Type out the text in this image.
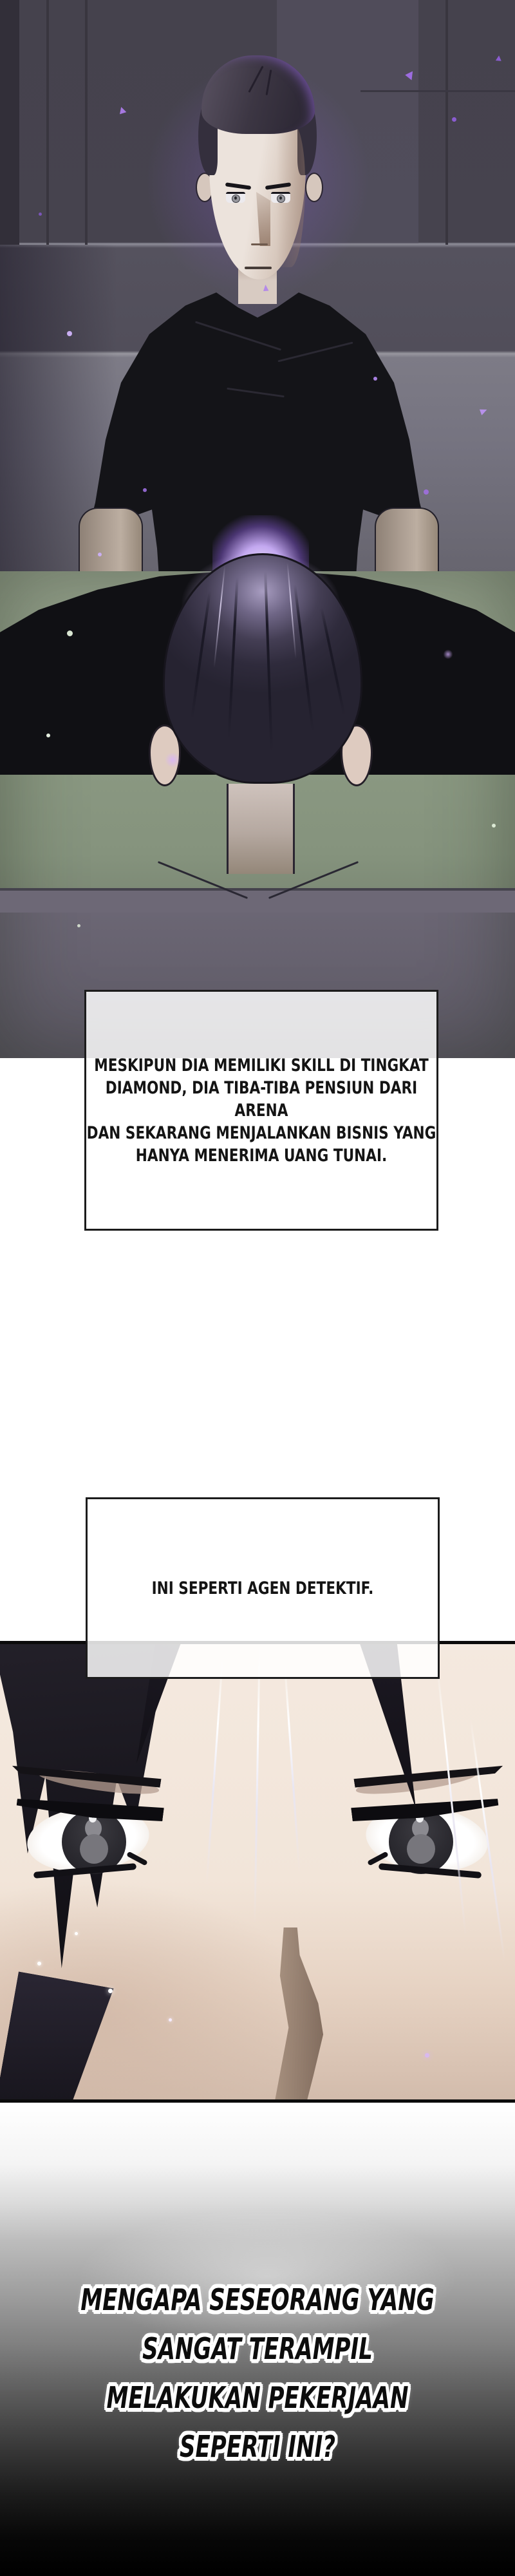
MESKIPUN DIA MEMILIKI SKILL DI TINGKAT
DIAMOND, DIA TIBA-TIBA PENSIUN DARI ARENA
DAN SEKARANG MENJALANKAN BISNIS YANG
HANYA MENERIMA UANG TUNAI.
INI SEPERTI AGEN DETEKTIF.
MENGAPA SESEORANG YANG SANGAT TERAMPIL
MELAKUKAN PEKERJAAN SEPERTI INI?
